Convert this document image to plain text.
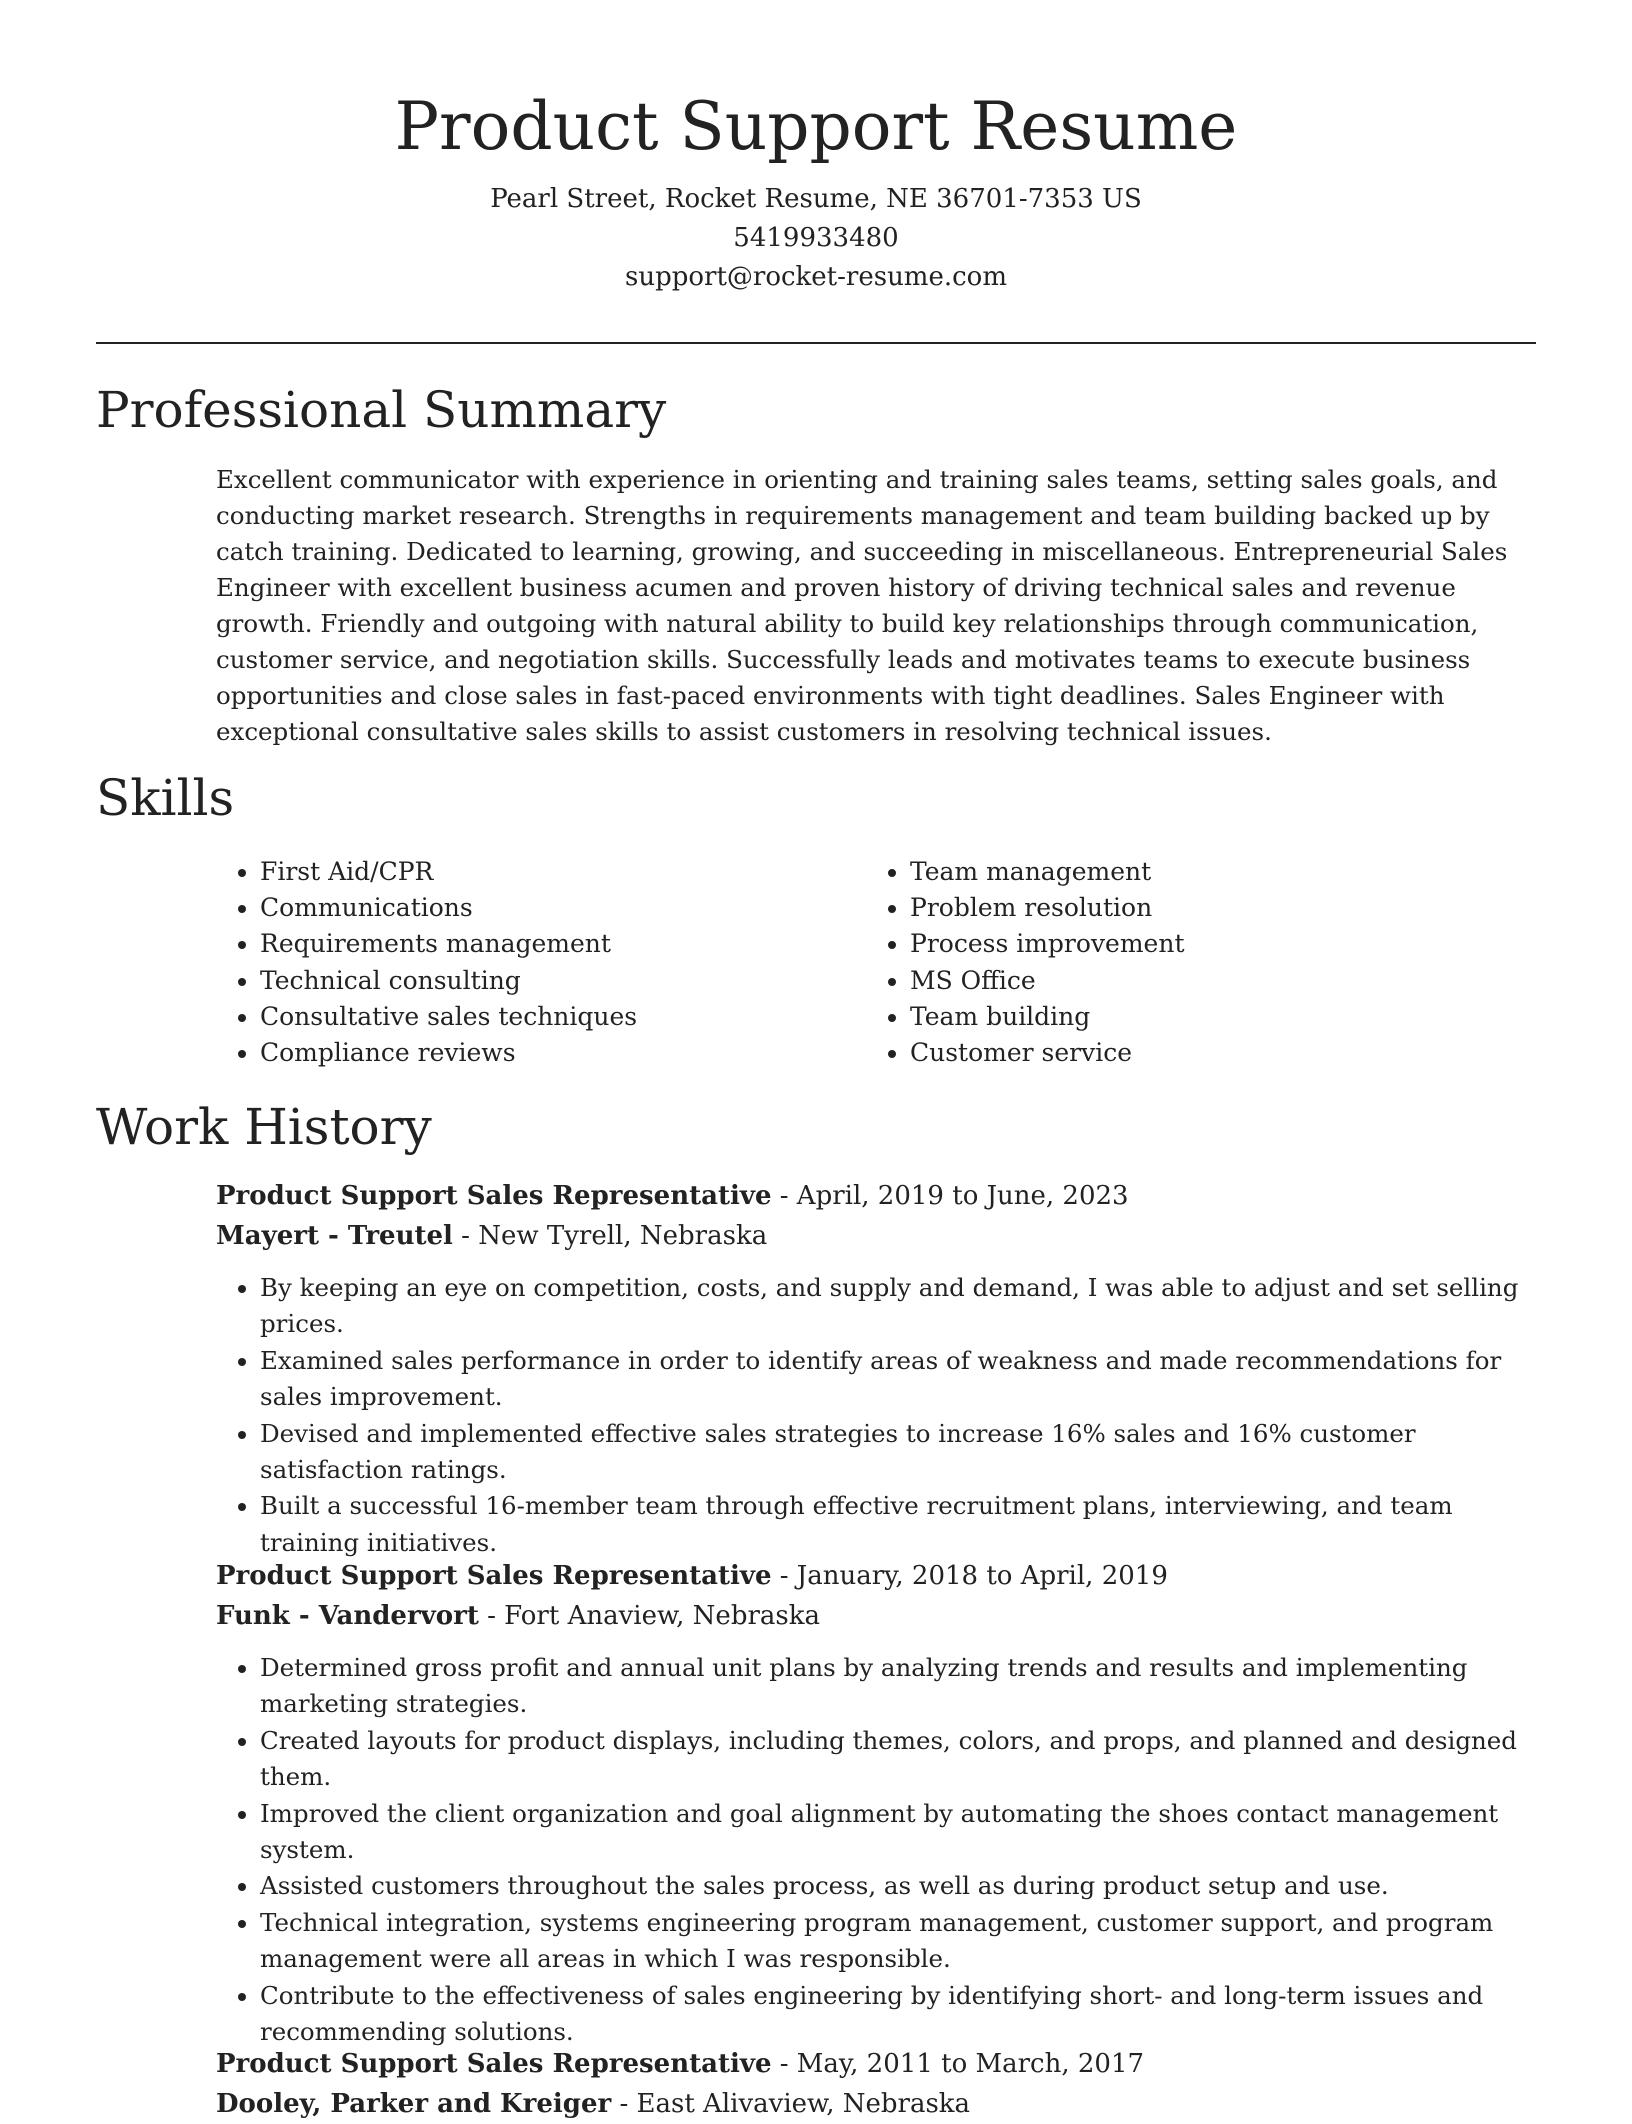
Product Support Resume
Pearl Street, Rocket Resume, NE 36701-7353 US
5419933480
support@rocket-resume.com
Professional Summary

Excellent communicator with experience in orienting and training sales teams, setting sales goals, and conducting market research. Strengths in requirements management and team building backed up by catch training. Dedicated to learning, growing, and succeeding in miscellaneous. Entrepreneurial Sales Engineer with excellent business acumen and proven history of driving technical sales and revenue growth. Friendly and outgoing with natural ability to build key relationships through communication, customer service, and negotiation skills. Successfully leads and motivates teams to execute business opportunities and close sales in fast-paced environments with tight deadlines. Sales Engineer with exceptional consultative sales skills to assist customers in resolving technical issues.

Skills
• First Aid/CPR
• Communications
• Requirements management
• Technical consulting
• Consultative sales techniques
• Compliance reviews
• Team management
• Problem resolution
• Process improvement
• MS Office
• Team building
• Customer service
Work History
Product Support Sales Representative - April, 2019 to June, 2023
Mayert - Treutel - New Tyrell, Nebraska
• By keeping an eye on competition, costs, and supply and demand, I was able to adjust and set selling prices.
• Examined sales performance in order to identify areas of weakness and made recommendations for sales improvement.
• Devised and implemented effective sales strategies to increase 16% sales and 16% customer satisfaction ratings.
• Built a successful 16-member team through effective recruitment plans, interviewing, and team training initiatives.
Product Support Sales Representative - January, 2018 to April, 2019
Funk - Vandervort - Fort Anaview, Nebraska
• Determined gross profit and annual unit plans by analyzing trends and results and implementing marketing strategies.
• Created layouts for product displays, including themes, colors, and props, and planned and designed them.
• Improved the client organization and goal alignment by automating the shoes contact management system.
• Assisted customers throughout the sales process, as well as during product setup and use.
• Technical integration, systems engineering program management, customer support, and program management were all areas in which I was responsible.
• Contribute to the effectiveness of sales engineering by identifying short- and long-term issues and recommending solutions.
Product Support Sales Representative - May, 2011 to March, 2017
Dooley, Parker and Kreiger - East Alivaview, Nebraska
